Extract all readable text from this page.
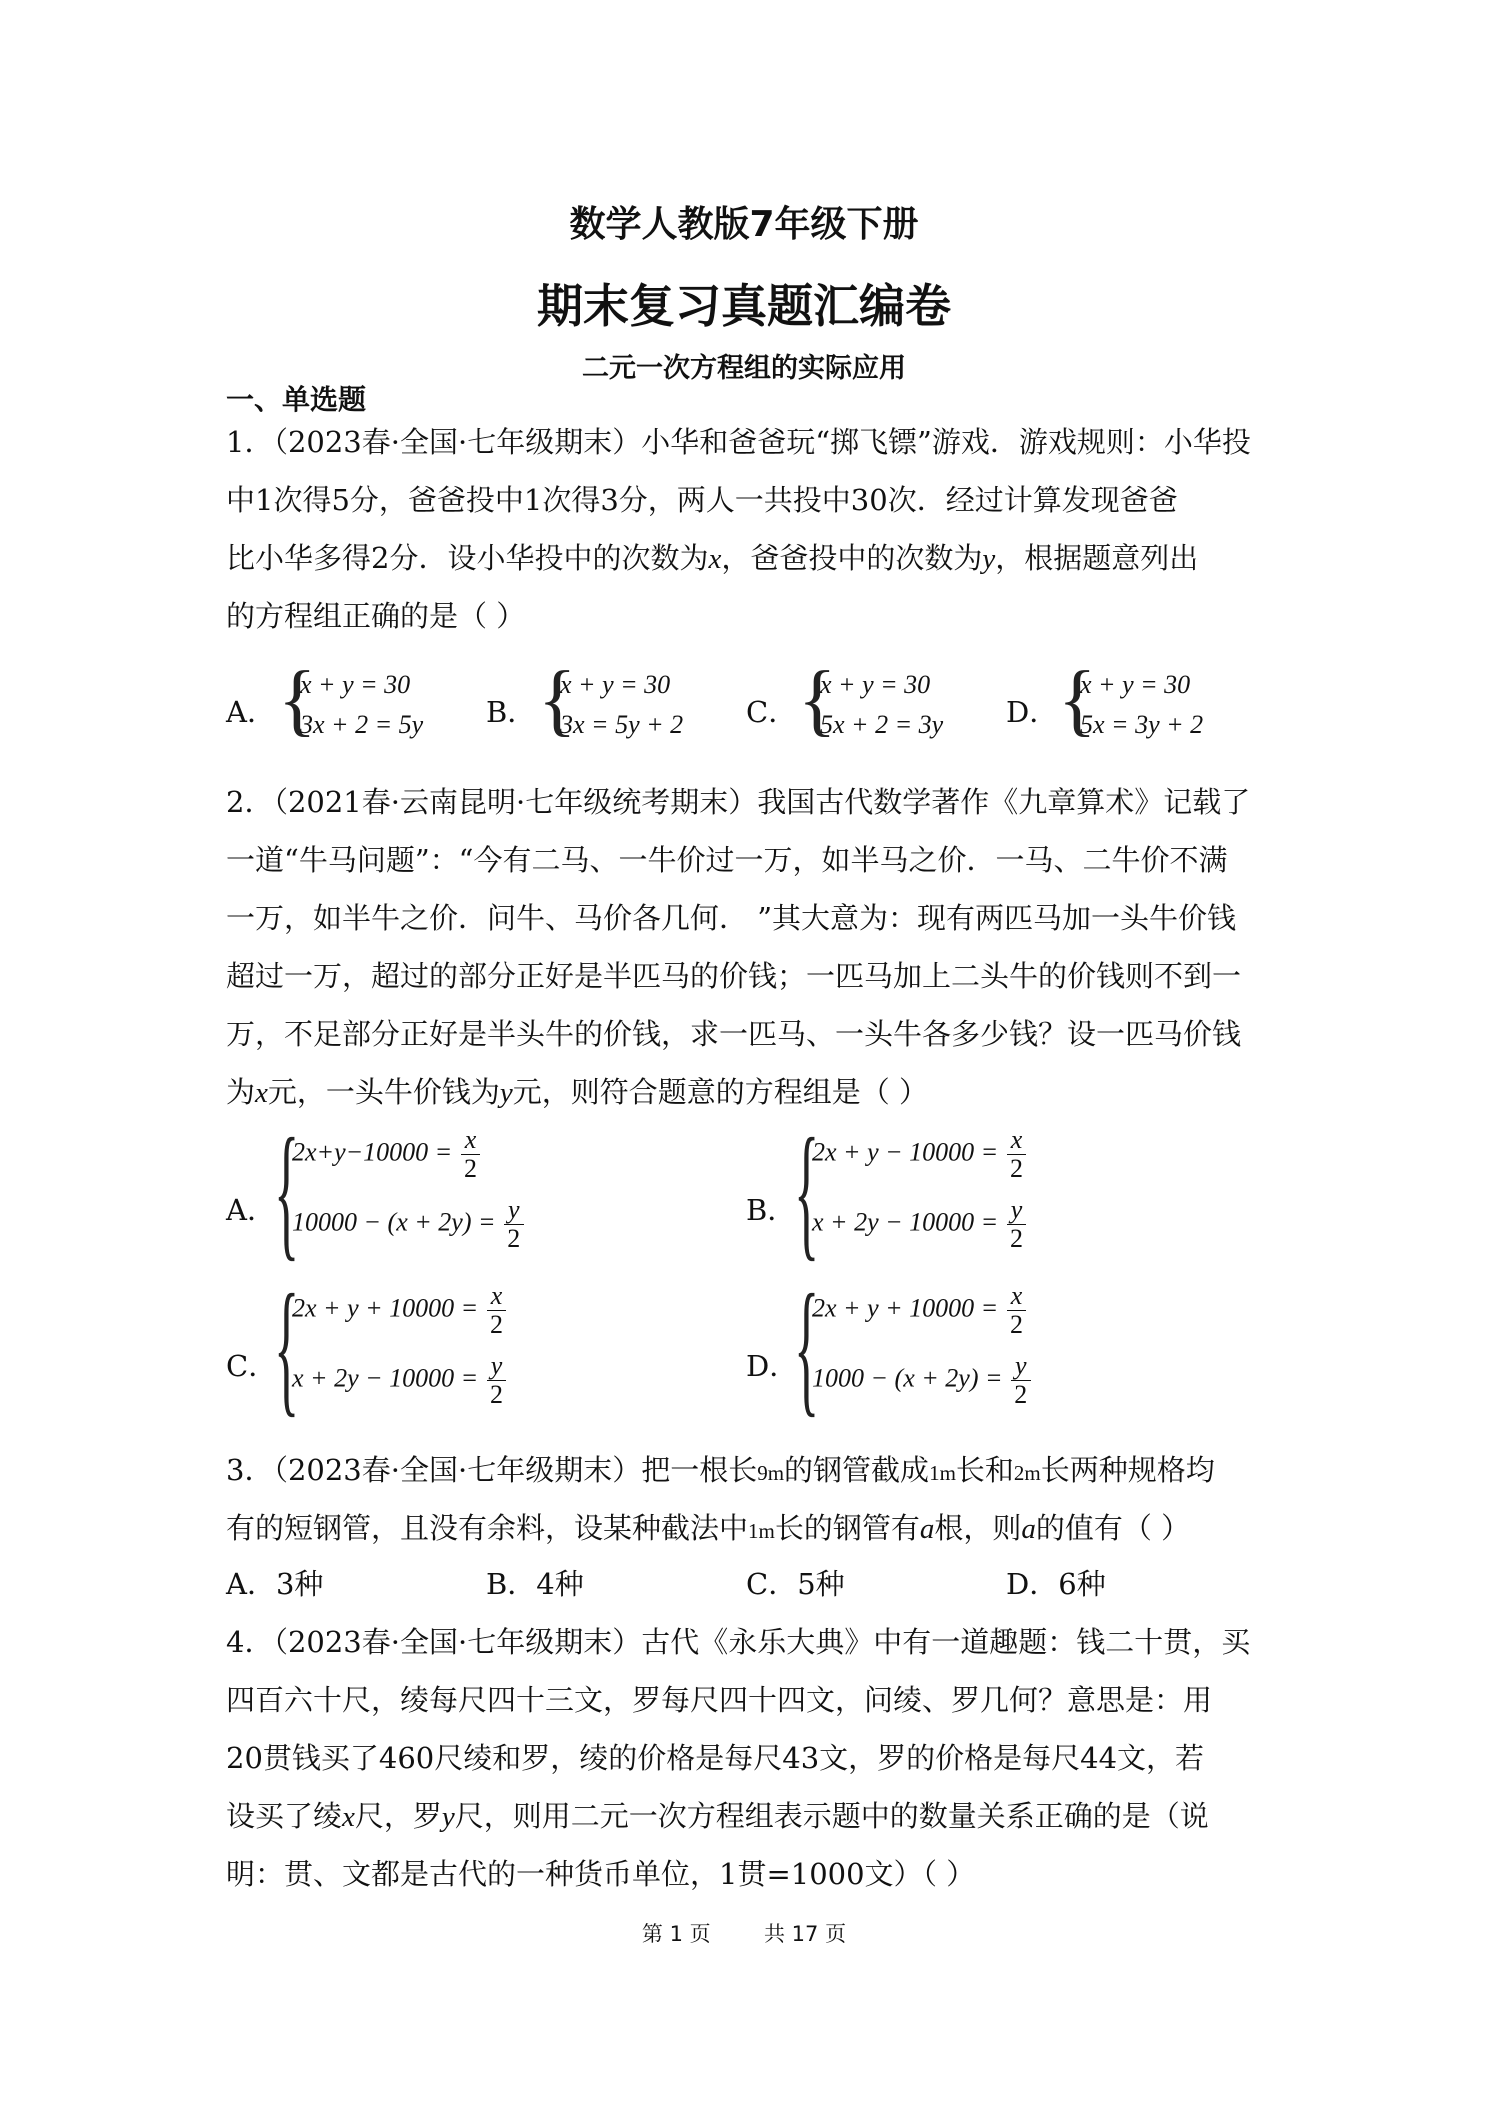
数学人教版7年级下册
期末复习真题汇编卷
二元一次方程组的实际应用
一、单选题
1．（2023春·全国·七年级期末）小华和爸爸玩“掷飞镖”游戏．游戏规则：小华投
中1次得5分，爸爸投中1次得3分，两人一共投中30次．经过计算发现爸爸
比小华多得2分．设小华投中的次数为x，爸爸投中的次数为y，根据题意列出
的方程组正确的是（ ）
A． {
x + y = 30
3x + 2 = 5y B． {
x + y = 30
3x = 5y + 2 C． {
x + y = 30
5x + 2 = 3y D． {
x + y = 30
5x = 3y + 2
2．（2021春·云南昆明·七年级统考期末）我国古代数学著作《九章算术》记载了
一道“牛马问题”：“今有二马、一牛价过一万，如半马之价．一马、二牛价不满
一万，如半牛之价．问牛、马价各几何． ”其大意为：现有两匹马加一头牛价钱
超过一万，超过的部分正好是半匹马的价钱；一匹马加上二头牛的价钱则不到一
万，不足部分正好是半头牛的价钱，求一匹马、一头牛各多少钱？设一匹马价钱
为x元，一头牛价钱为y元，则符合题意的方程组是（ ）
A．
{
$2x+y-10000 = \frac{x}{2}$
$10000 - (x + 2y) = \frac{y}{2}$	B．
{
$2x + y - 10000 = \frac{x}{2}$
$x + 2y - 10000 = \frac{y}{2}$
C．
{
$2x + y + 10000 = \frac{x}{2}$
$x + 2y - 10000 = \frac{y}{2}$	D．
{
$2x + y + 10000 = \frac{x}{2}$
$1000 - (x + 2y) = \frac{y}{2}$
3．（2023春·全国·七年级期末）把一根长9m的钢管截成1m长和2m长两种规格均
有的短钢管，且没有余料，设某种截法中1m长的钢管有a根，则a的值有（ ）
A．3种	B．4种	C．5种	D．6种
4．（2023春·全国·七年级期末）古代《永乐大典》中有一道趣题：钱二十贯，买
四百六十尺，绫每尺四十三文，罗每尺四十四文，问绫、罗几何？意思是：用
20贯钱买了460尺绫和罗，绫的价格是每尺43文，罗的价格是每尺44文，若
设买了绫x尺，罗y尺，则用二元一次方程组表示题中的数量关系正确的是（说
明：贯、文都是古代的一种货币单位，1贯=1000文）（ ）
第 1 页	共 17 页
